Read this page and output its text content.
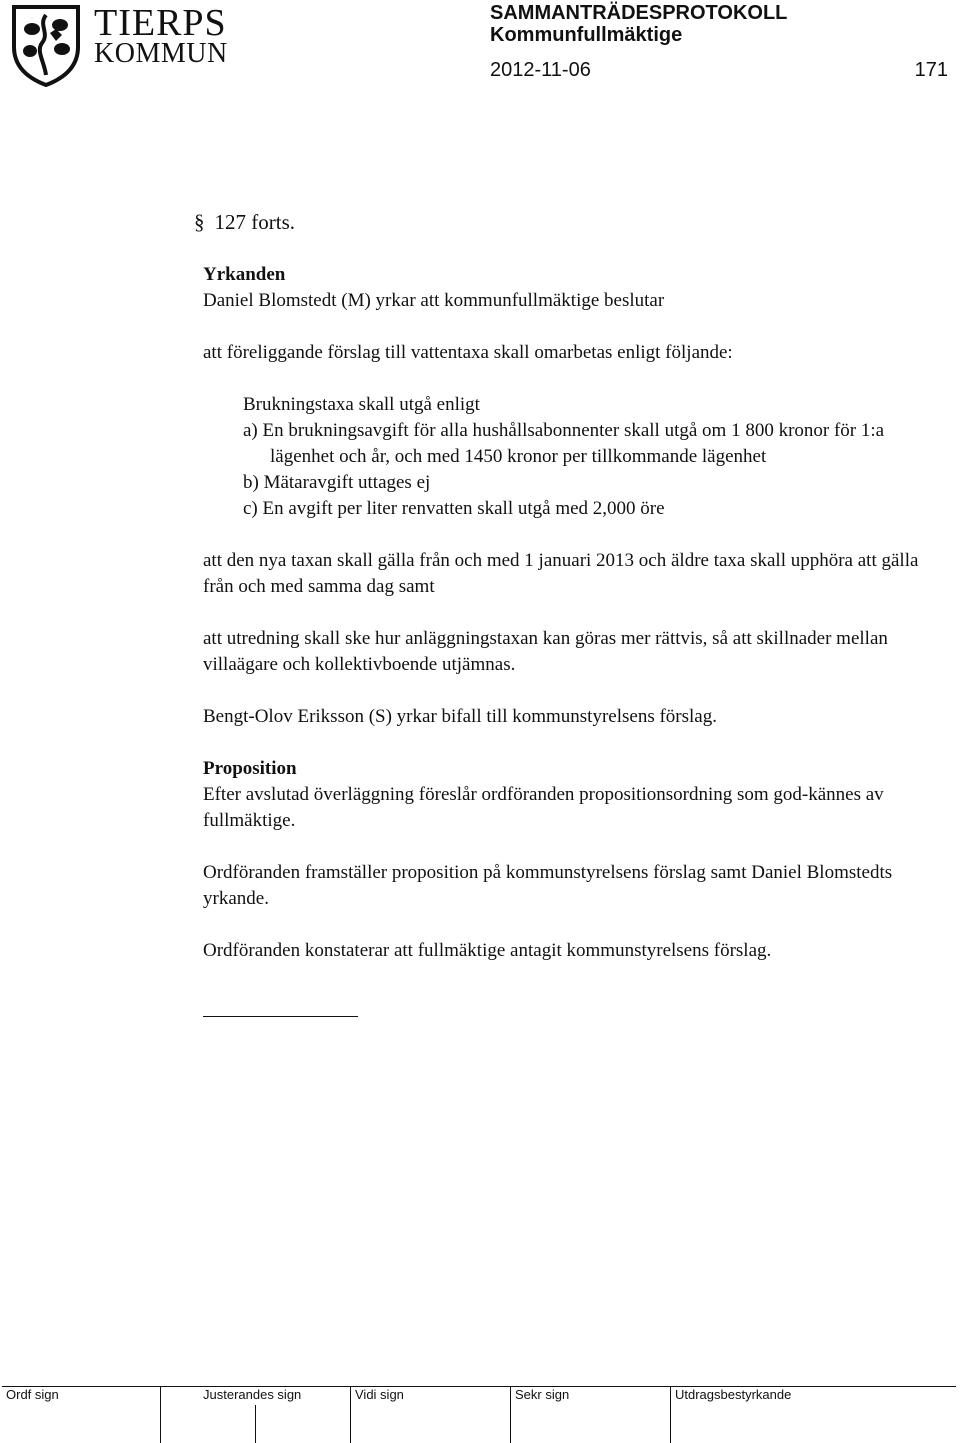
TIERPS
KOMMUN
SAMMANTRÄDESPROTOKOLL
Kommunfullmäktige
2012-11-06	171
§ 127 forts.

Yrkanden

Daniel Blomstedt (M) yrkar att kommunfullmäktige beslutar

att föreliggande förslag till vattentaxa skall omarbetas enligt följande:

Brukningstaxa skall utgå enligt

a) En brukningsavgift för alla hushållsabonnenter skall utgå om 1 800 kronor för 1:a lägenhet och år, och med 1450 kronor per tillkommande lägenhet

b) Mätaravgift uttages ej

c) En avgift per liter renvatten skall utgå med 2,000 öre

att den nya taxan skall gälla från och med 1 januari 2013 och äldre taxa skall upphöra att gälla från och med samma dag samt

att utredning skall ske hur anläggningstaxan kan göras mer rättvis, så att skillnader mellan villaägare och kollektivboende utjämnas.

Bengt-Olov Eriksson (S) yrkar bifall till kommunstyrelsens förslag.

Proposition

Efter avslutad överläggning föreslår ordföranden propositionsordning som god-kännes av fullmäktige.

Ordföranden framställer proposition på kommunstyrelsens förslag samt Daniel Blomstedts yrkande.

Ordföranden konstaterar att fullmäktige antagit kommunstyrelsens förslag.

Ordf sign	Justerandes sign	Vidi sign	Sekr sign	Utdragsbestyrkande
